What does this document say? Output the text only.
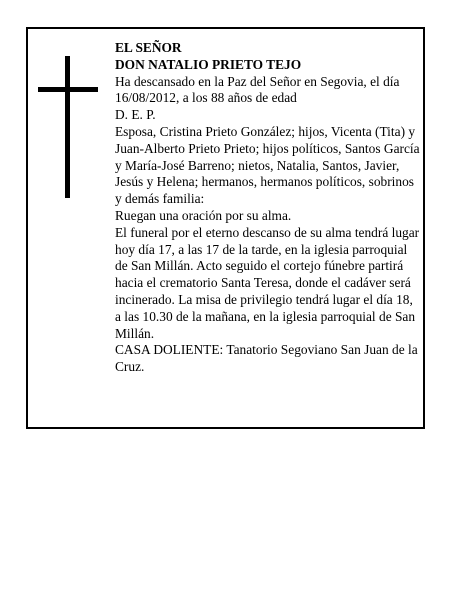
EL SEÑOR

DON NATALIO PRIETO TEJO

Ha descansado en la Paz del Señor en Segovia, el día 16/08/2012, a los 88 años de edad

D. E. P.

Esposa, Cristina Prieto González; hijos, Vicenta (Tita) y Juan-Alberto Prieto Prieto; hijos políticos, Santos García y María-José Barreno; nietos, Natalia, Santos, Javier, Jesús y Helena; hermanos, hermanos políticos, sobrinos y demás familia:

Ruegan una oración por su alma.

El funeral por el eterno descanso de su alma tendrá lugar hoy día 17, a las 17 de la tarde, en la iglesia parroquial de San Millán. Acto seguido el cortejo fúnebre partirá hacia el crematorio Santa Teresa, donde el cadáver será incinerado. La misa de privilegio tendrá lugar el día 18, a las 10.30 de la mañana, en la iglesia parroquial de San Millán.

CASA DOLIENTE: Tanatorio Segoviano San Juan de la Cruz.
